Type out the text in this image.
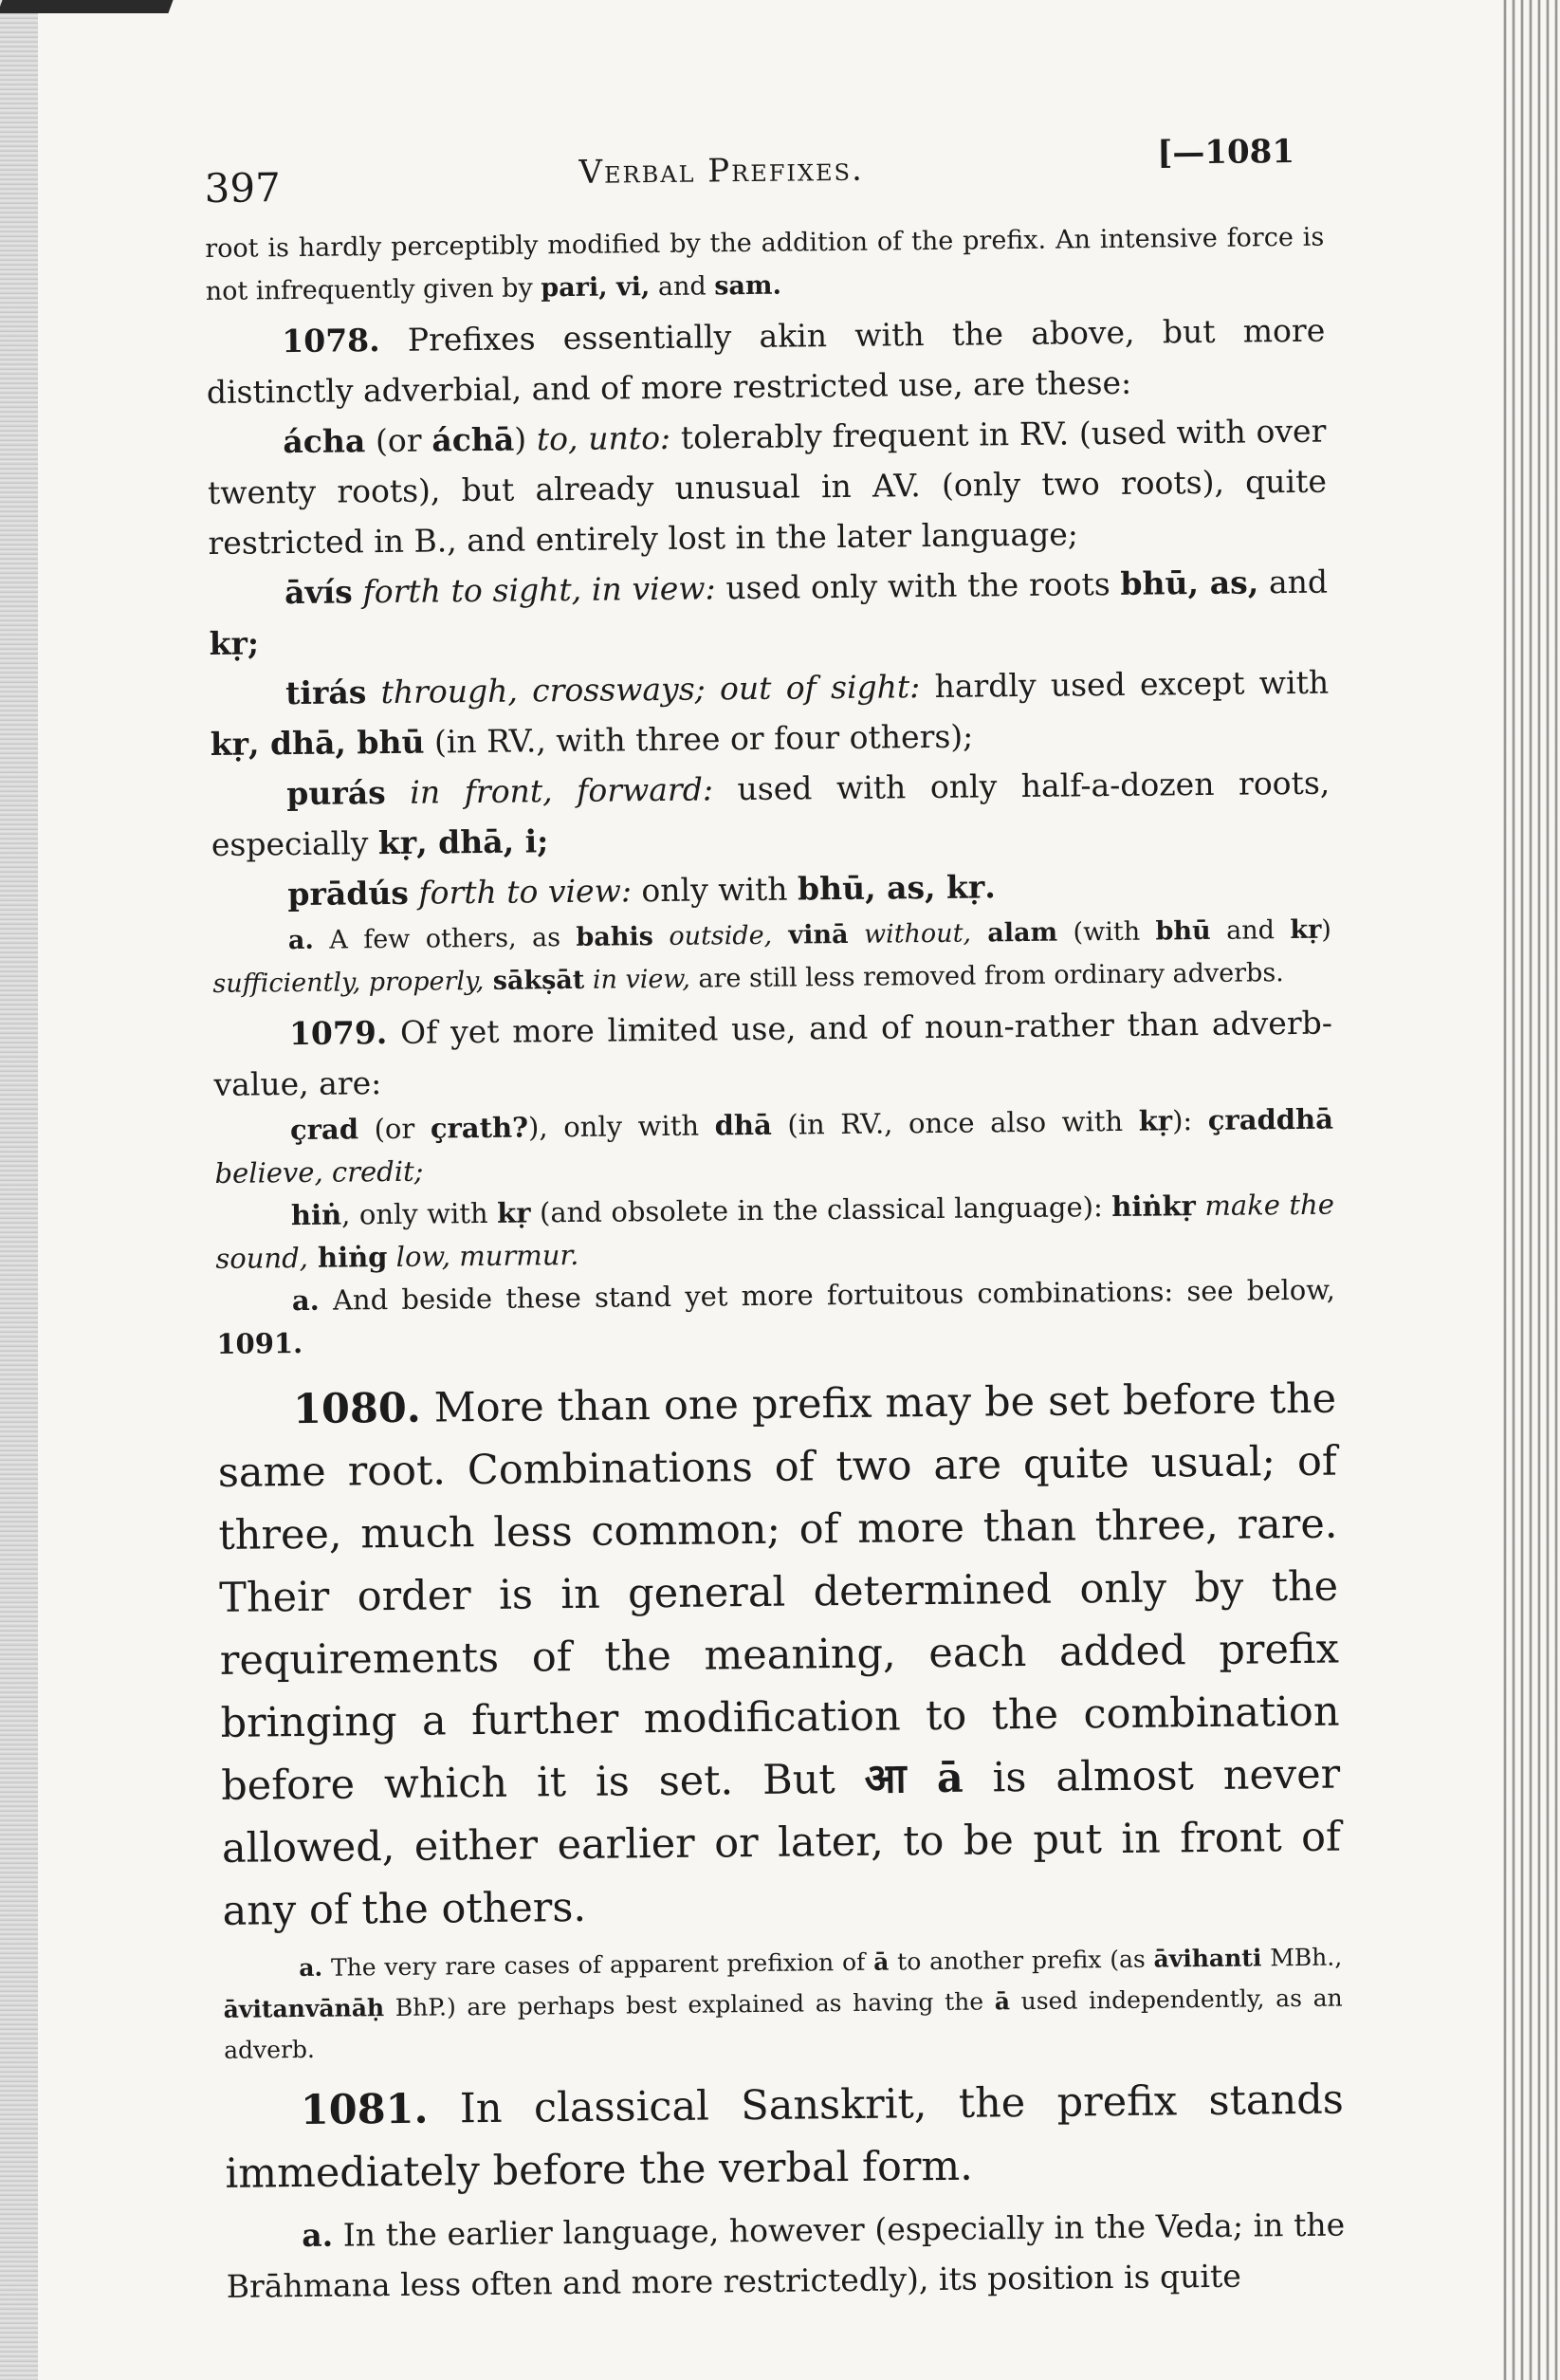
397	Verbal Prefixes.	[—1081

root is hardly perceptibly modified by the addition of the prefix. An intensive force is not infrequently given by pari, vi, and sam.

1078. Prefixes essentially akin with the above, but more distinctly adverbial, and of more restricted use, are these:

ácha (or áchā) to, unto: tolerably frequent in RV. (used with over twenty roots), but already unusual in AV. (only two roots), quite restricted in B., and entirely lost in the later language;

āvís forth to sight, in view: used only with the roots bhū, as, and kṛ;

tirás through, crossways; out of sight: hardly used except with kṛ, dhā, bhū (in RV., with three or four others);

purás in front, forward: used with only half-a-dozen roots, especially kṛ, dhā, i;

prādús forth to view: only with bhū, as, kṛ.

a. A few others, as bahis outside, vinā without, alam (with bhū and kṛ) sufficiently, properly, sākṣāt in view, are still less removed from ordinary adverbs.

1079. Of yet more limited use, and of noun-rather than adverb-value, are:

çrad (or çrath?), only with dhā (in RV., once also with kṛ): çraddhā believe, credit;

hiṅ, only with kṛ (and obsolete in the classical language): hiṅkṛ make the sound, hiṅg low, murmur.

a. And beside these stand yet more fortuitous combinations: see below, 1091.

1080. More than one prefix may be set before the same root. Combinations of two are quite usual; of three, much less common; of more than three, rare. Their order is in general determined only by the requirements of the meaning, each added prefix bringing a further modification to the combination before which it is set. But आ ā is almost never allowed, either earlier or later, to be put in front of any of the others.

a. The very rare cases of apparent prefixion of ā to another prefix (as āvihanti MBh., āvitanvānāḥ BhP.) are perhaps best explained as having the ā used independently, as an adverb.

1081. In classical Sanskrit, the prefix stands immediately before the verbal form.

a. In the earlier language, however (especially in the Veda; in the Brāhmana less often and more restrictedly), its position is quite
